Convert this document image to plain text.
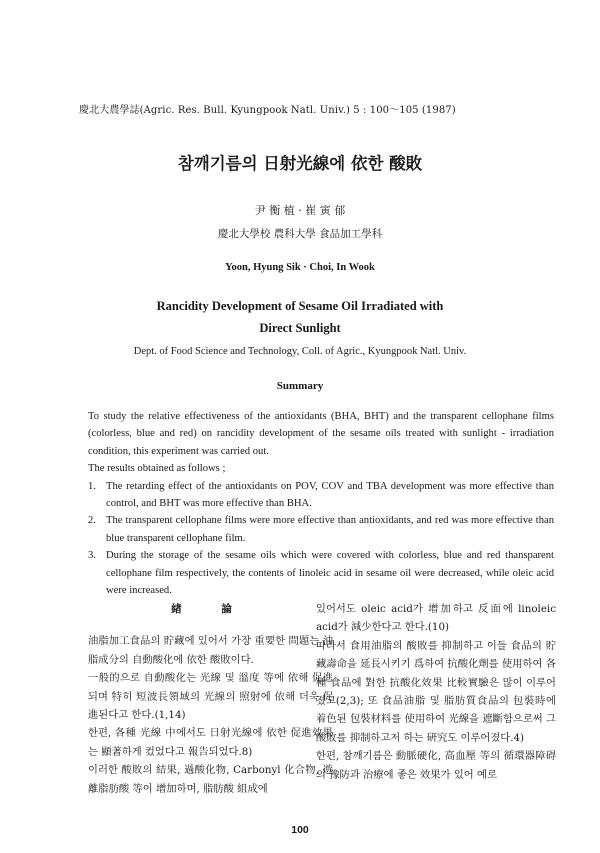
慶北大農學誌(Agric. Res. Bull. Kyungpook Natl. Univ.) 5 : 100～105 (1987)
참깨기름의 日射光線에 依한 酸敗
尹 衡 植 · 崔 寅 郁
慶北大學校 農科大學 食品加工學科
Yoon, Hyung Sik · Choi, In Wook
Rancidity Development of Sesame Oil Irradiated with
Direct Sunlight
Dept. of Food Science and Technology, Coll. of Agric., Kyungpook Natl. Univ.
Summary

To study the relative effectiveness of the antioxidants (BHA, BHT) and the transparent cellophane films (colorless, blue and red) on rancidity development of the sesame oils treated with sunlight - irradiation condition, this experiment was carried out.

The results obtained as follows ;

1. The retarding effect of the antioxidants on POV, COV and TBA development was more effective than control, and BHT was more effective than BHA.
2. The transparent cellophane films were more effective than antioxidants, and red was more effective than blue transparent cellophane film.
3. During the storage of the sesame oils which were covered with colorless, blue and red thansparent cellophane film respectively, the contents of linoleic acid in sesame oil were decreased, while oleic acid were increased.
緖 論

油脂加工食品의 貯藏에 있어서 가장 重要한 問題는 油脂成分의 自動酸化에 依한 酸敗이다.

一般的으로 自動酸化는 光線 및 溫度 等에 依해 促進되며 特히 短波長領域의 光線의 照射에 依해 더욱 促進된다고 한다.(1,14)

한편, 各種 光線 中에서도 日射光線에 依한 促進效果는 顯著하게 컸었다고 報告되었다.8)

이러한 酸敗의 結果, 過酸化物, Carbonyl 化合物, 遊離脂肪酸 等이 增加하며, 脂肪酸 組成에

있어서도 oleic acid가 增加하고 反面에 linoleic acid가 減少한다고 한다.(10)

따라서 食用油脂의 酸敗를 抑制하고 이들 食品의 貯藏壽命을 延長시키기 爲하여 抗酸化劑를 使用하여 各種 食品에 對한 抗酸化效果 比較實驗은 많이 이루어졌고(2,3); 또 食品油脂 및 脂肪質食品의 包裝時에 着色된 包裝材料를 使用하여 光線을 遮斷함으로써 그 酸敗를 抑制하고저 하는 硏究도 이루어졌다.4)

한편, 참깨기름은 動脈硬化, 高血壓 等의 循環器障碍의 豫防과 治療에 좋은 效果가 있어 예로

100
